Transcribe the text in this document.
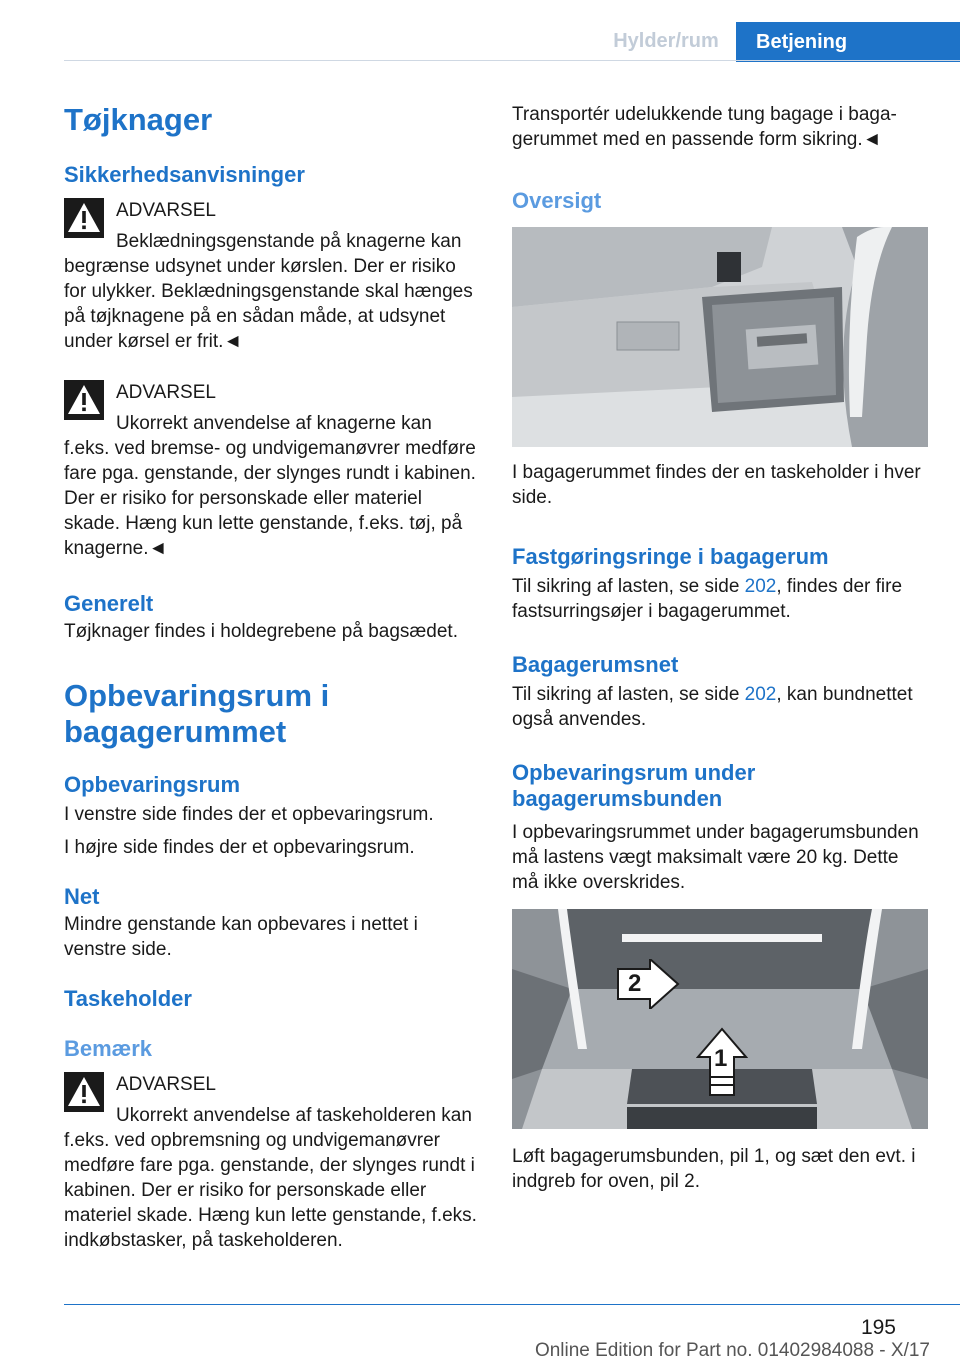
Hylder/rum	Betjening
Tøjknager
Sikkerhedsanvisninger
ADVARSEL
Beklædningsgenstande på knagerne kan begrænse udsynet under kørslen. Der er risiko for ulykker. Beklædningsgenstande skal hænges på tøjknagene på en sådan måde, at udsynet under kørsel er frit.◄
ADVARSEL
Ukorrekt anvendelse af knagerne kan f.eks. ved bremse- og undvigemanøvrer medføre fare pga. genstande, der slynges rundt i kabinen. Der er risiko for personskade eller materiel skade. Hæng kun lette genstande, f.eks. tøj, på knagerne.◄
Generelt
Tøjknager findes i holdegrebene på bagsædet.
Opbevaringsrum i bagagerummet
Opbevaringsrum
I venstre side findes der et opbevaringsrum.
I højre side findes der et opbevaringsrum.
Net
Mindre genstande kan opbevares i nettet i venstre side.
Taskeholder
Bemærk
ADVARSEL
Ukorrekt anvendelse af taskeholderen kan f.eks. ved opbremsning og undvigemanøvrer medføre fare pga. genstande, der slynges rundt i kabinen. Der er risiko for personskade eller materiel skade. Hæng kun lette genstande, f.eks. indkøbstasker, på taskeholderen.
Transportér udelukkende tung bagage i bagagerummet med en passende form sikring.◄
Oversigt
I bagagerummet findes der en taskeholder i hver side.
Fastgøringsringe i bagagerum
Til sikring af lasten, se side 202, findes der fire fastsurringsøjer i bagagerummet.
Bagagerumsnet
Til sikring af lasten, se side 202, kan bundnettet også anvendes.
Opbevaringsrum under bagagerumsbunden
I opbevaringsrummet under bagagerumsbunden må lastens vægt maksimalt være 20 kg. Dette må ikke overskrides.
2
1
Løft bagagerumsbunden, pil 1, og sæt den evt. i indgreb for oven, pil 2.
195
Online Edition for Part no. 01402984088 - X/17
